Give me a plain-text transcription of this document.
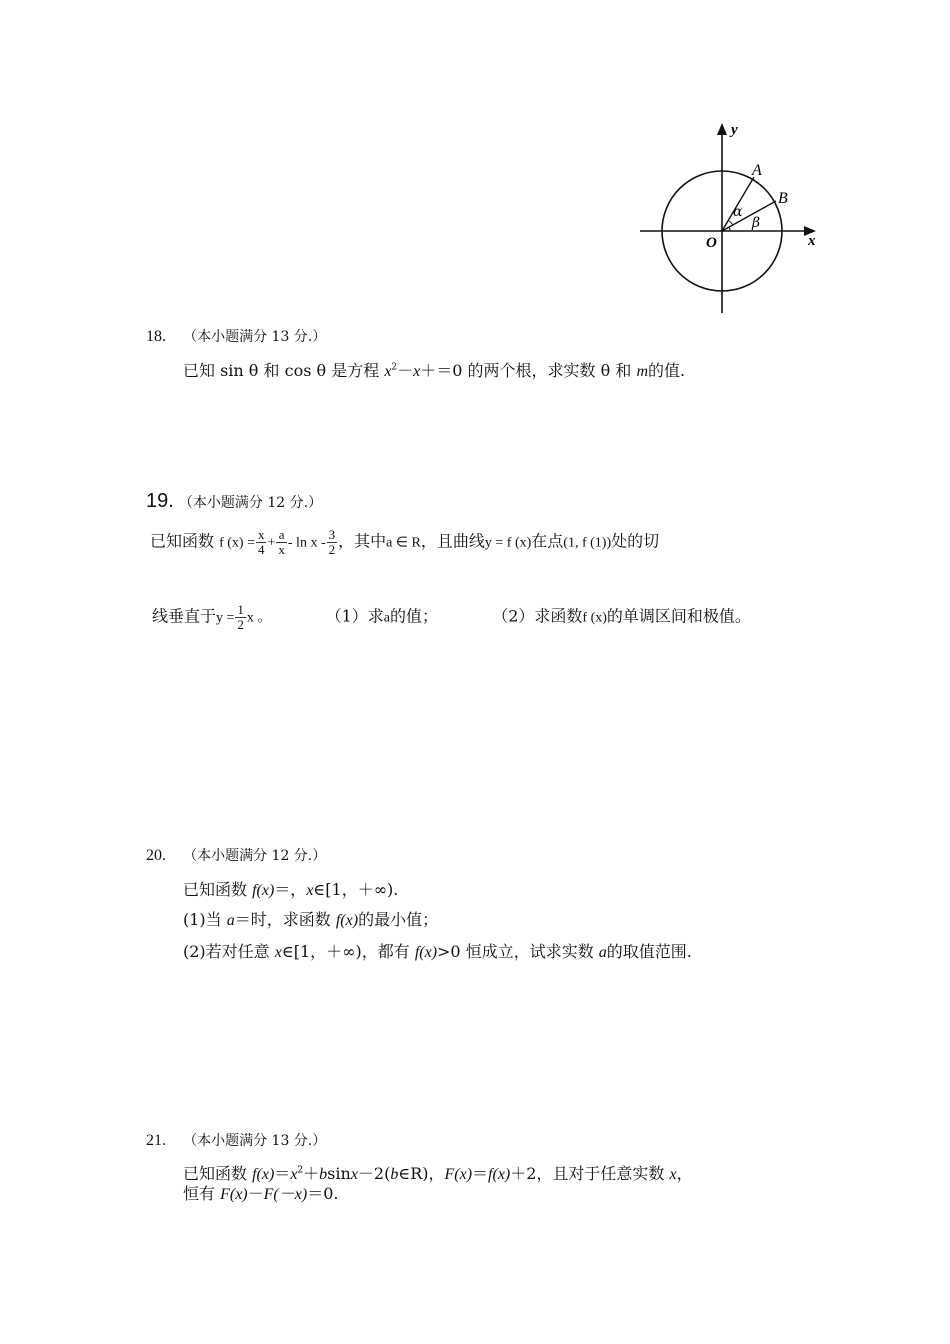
y
x
O
A
B
α
β
18. （本小题满分 13 分.）
已知 sin θ 和 cos θ 是方程 $x^2-x+=0$ 的两个根，求实数 θ 和 m的值.
19. （本小题满分 12 分.）
已知函数 f $(x) = \frac{x}{4} + \frac{a}{x} - \ln x - \frac{3}{2}$ ，其中a ∈ R，且曲线y = f (x)在点(1, f (1))处的切
线垂直于$y = \frac{1}{2}$ x 。	（1）求a的值；	（2）求函数f (x)的单调区间和极值。
20. （本小题满分 12 分.）
已知函数 f(x)＝，x∈[1，＋∞).
(1)当 a＝时，求函数 f(x)的最小值；
(2)若对任意 x∈[1，＋∞)，都有 f(x)>0 恒成立，试求实数 a的取值范围.
21. （本小题满分 13 分.）
已知函数 $f(x)=x^2+bsinx-2(b\in R)$，F(x)＝f(x)＋2，且对于任意实数 x，
恒有 F(x)－F(－x)＝0.
